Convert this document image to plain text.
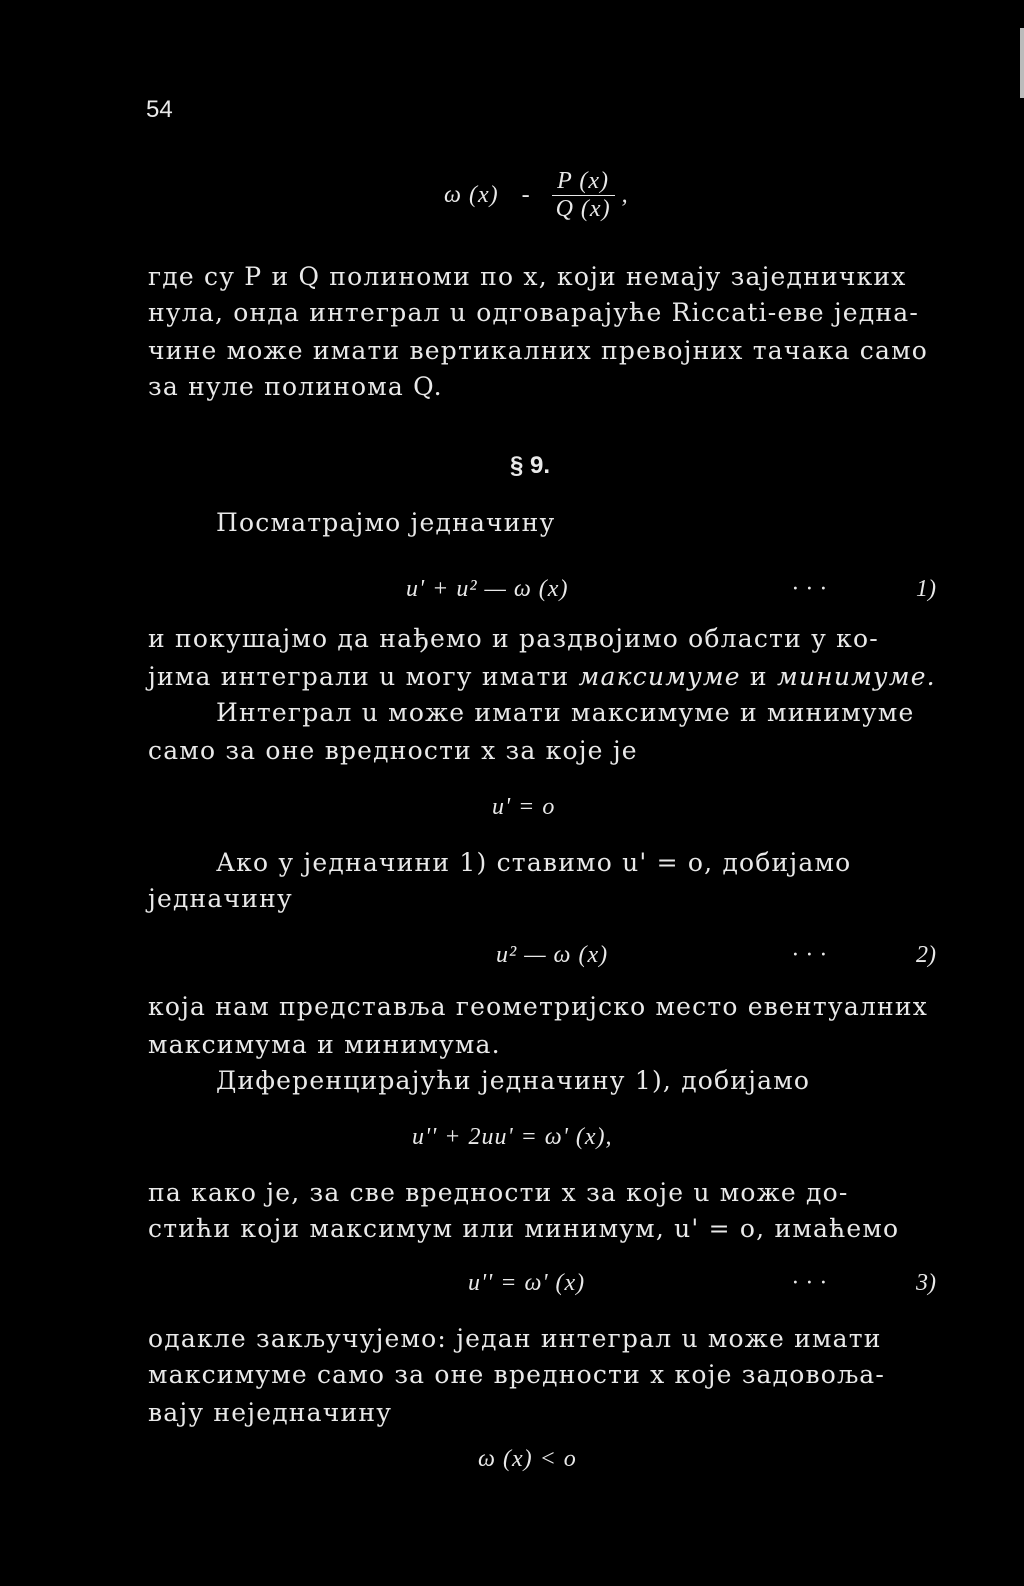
54
ω $(x) - \frac{P (x)}{Q (x)}$ ,
где су P и Q полиноми по x, који немају заједничких
нула, онда интеграл u одговарајуће Riccati-eве једна-
чине може имати вертикалних превојних тачака само
за нуле полинома Q.
§ 9.
Посматрајмо једначину
u' + u² — ω (x)	· · ·	1)
и покушајмо да нађемо и раздвојимо области у ко-
јима интеграли u могу имати максимуме и минимуме.
Интеграл u може имати максимуме и минимуме
само за оне вредности x за које је
u' = o
Ако у једначини 1) ставимо u' = o, добијамо
једначину
u² — ω (x)	· · ·	2)
која нам представља геометријско место евентуалних
максимума и минимума.
Диференцирајући једначину 1), добијамо
u'' + 2uu' = ω' (x),
па како је, за све вредности x за које u може до-
стићи који максимум или минимум, u' = o, имаћемо
u'' = ω' (x)	· · ·	3)
одакле закључујемо: један интеграл u може имати
максимуме само за оне вредности x које задовоља-
вају неједначину
ω (x) < o
